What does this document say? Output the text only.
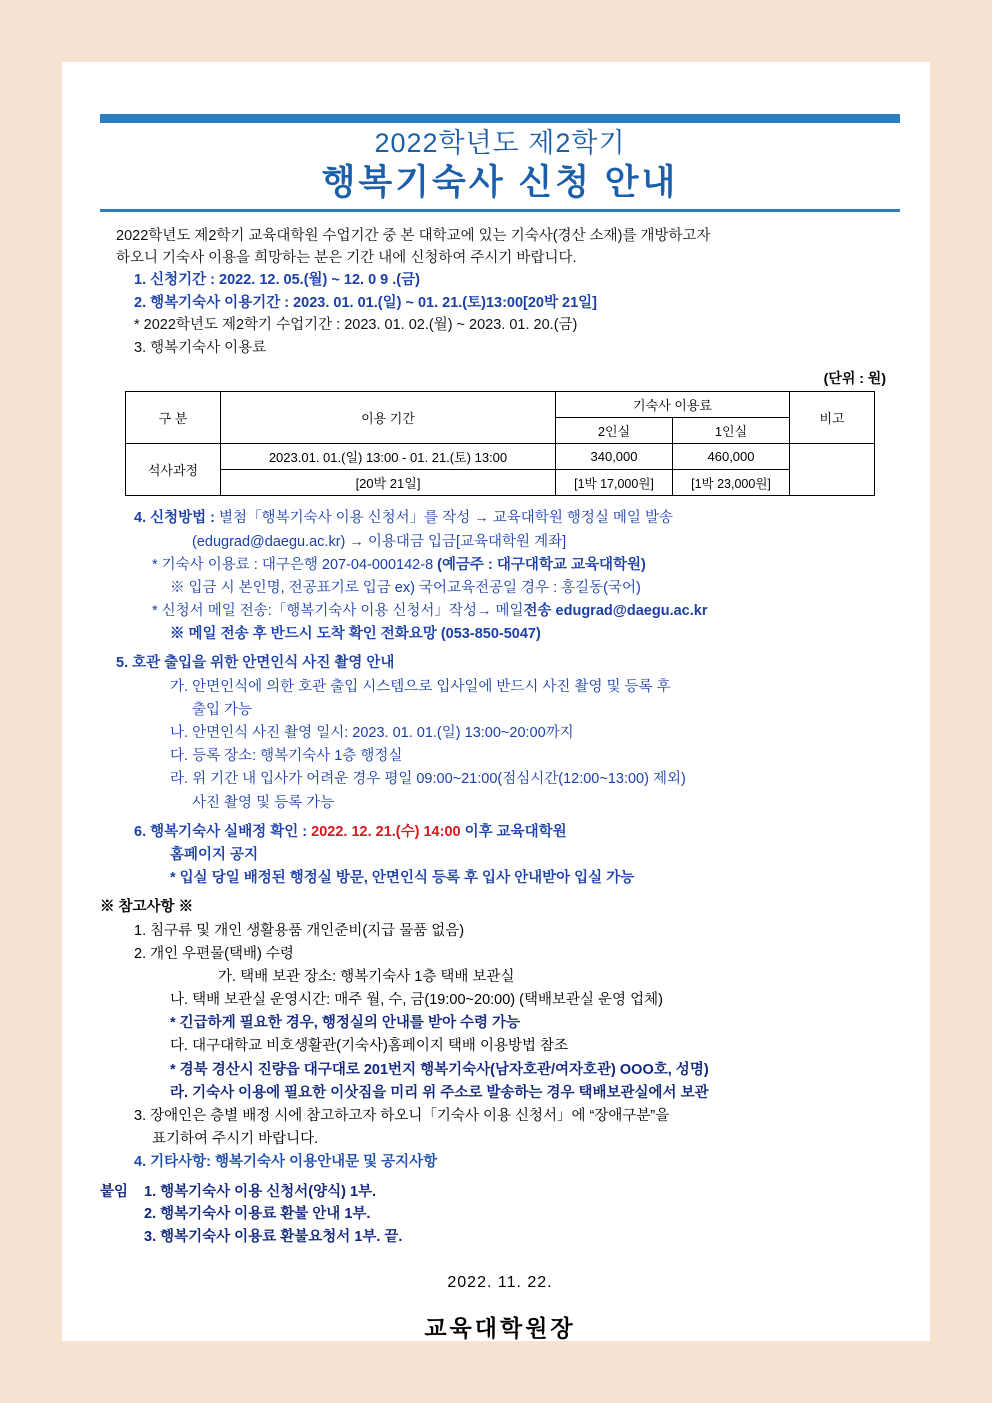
2022학년도 제2학기
행복기숙사 신청 안내
2022학년도 제2학기 교육대학원 수업기간 중 본 대학교에 있는 기숙사(경산 소재)를 개방하고자
하오니 기숙사 이용을 희망하는 분은 기간 내에 신청하여 주시기 바랍니다.
1. 신청기간 : 2022. 12. 05.(월) ~ 12. 0 9 .(금)
2. 행복기숙사 이용기간 : 2023. 01. 01.(일) ~ 01. 21.(토)13:00[20박 21일]
* 2022학년도 제2학기 수업기간 : 2023. 01. 02.(월) ~ 2023. 01. 20.(금)
3. 행복기숙사 이용료
(단위 : 원)
구 분	이용 기간	기숙사 이용료		비고
		2인실	1인실	
석사과정	2023.01. 01.(일) 13:00 - 01. 21.(토) 13:00	340,000	460,000	
	[20박 21일]	[1박 17,000원]	[1박 23,000원]	
4. 신청방법 : 별첨「행복기숙사 이용 신청서」를 작성 → 교육대학원 행정실 메일 발송
(edugrad@daegu.ac.kr) → 이용대금 입금[교육대학원 계좌]
* 기숙사 이용료 : 대구은행 207-04-000142-8 (예금주 : 대구대학교 교육대학원)
※ 입금 시 본인명, 전공표기로 입금 ex) 국어교육전공일 경우 : 홍길동(국어)
* 신청서 메일 전송:「행복기숙사 이용 신청서」작성→ 메일전송 edugrad@daegu.ac.kr
※ 메일 전송 후 반드시 도착 확인 전화요망 (053-850-5047)
5. 호관 출입을 위한 안면인식 사진 촬영 안내
가. 안면인식에 의한 호관 출입 시스템으로 입사일에 반드시 사진 촬영 및 등록 후
출입 가능
나. 안면인식 사진 촬영 일시: 2023. 01. 01.(일) 13:00~20:00까지
다. 등록 장소: 행복기숙사 1층 행정실
라. 위 기간 내 입사가 어려운 경우 평일 09:00~21:00(점심시간(12:00~13:00) 제외)
사진 촬영 및 등록 가능
6. 행복기숙사 실배정 확인 : 2022. 12. 21.(수) 14:00 이후 교육대학원
홈페이지 공지
* 입실 당일 배정된 행정실 방문, 안면인식 등록 후 입사 안내받아 입실 가능
※ 참고사항 ※
1. 침구류 및 개인 생활용품 개인준비(지급 물품 없음)
2. 개인 우편물(택배) 수령
가. 택배 보관 장소: 행복기숙사 1층 택배 보관실
나. 택배 보관실 운영시간: 매주 월, 수, 금(19:00~20:00) (택배보관실 운영 업체)
* 긴급하게 필요한 경우, 행정실의 안내를 받아 수령 가능
다. 대구대학교 비호생활관(기숙사)홈페이지 택배 이용방법 참조
* 경북 경산시 진량읍 대구대로 201번지 행복기숙사(남자호관/여자호관) OOO호, 성명)
라. 기숙사 이용에 필요한 이삿짐을 미리 위 주소로 발송하는 경우 택배보관실에서 보관
3. 장애인은 층별 배정 시에 참고하고자 하오니「기숙사 이용 신청서」에 “장애구분”을
표기하여 주시기 바랍니다.
4. 기타사항: 행복기숙사 이용안내문 및 공지사항
붙임 1. 행복기숙사 이용 신청서(양식) 1부.
2. 행복기숙사 이용료 환불 안내 1부.
3. 행복기숙사 이용료 환불요청서 1부. 끝.
2022. 11. 22.
교육대학원장
